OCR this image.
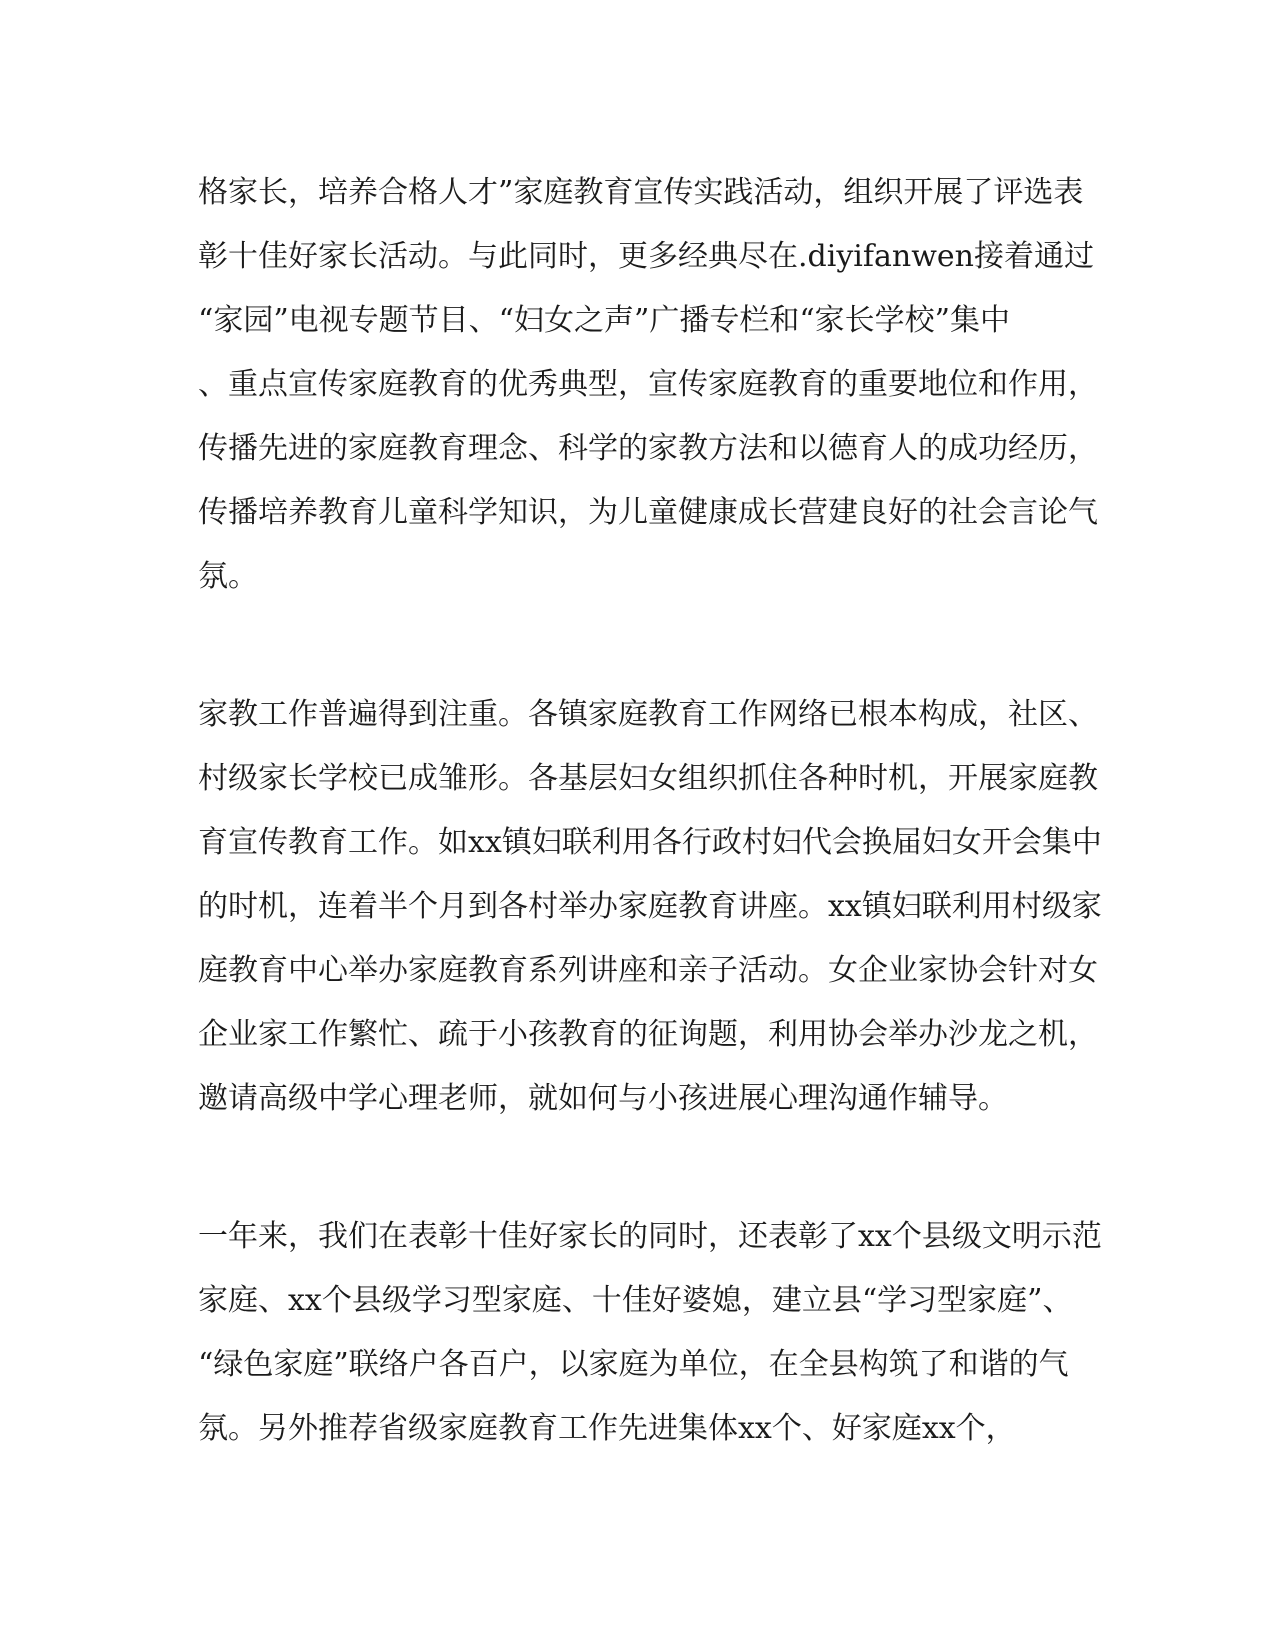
格家长，培养合格人才”家庭教育宣传实践活动，组织开展了评选表
彰十佳好家长活动。与此同时，更多经典尽在.diyifanwen接着通过
“家园”电视专题节目、“妇女之声”广播专栏和“家长学校”集中
、重点宣传家庭教育的优秀典型，宣传家庭教育的重要地位和作用，
传播先进的家庭教育理念、科学的家教方法和以德育人的成功经历，
传播培养教育儿童科学知识，为儿童健康成长营建良好的社会言论气
氛。
家教工作普遍得到注重。各镇家庭教育工作网络已根本构成，社区、
村级家长学校已成雏形。各基层妇女组织抓住各种时机，开展家庭教
育宣传教育工作。如xx镇妇联利用各行政村妇代会换届妇女开会集中
的时机，连着半个月到各村举办家庭教育讲座。xx镇妇联利用村级家
庭教育中心举办家庭教育系列讲座和亲子活动。女企业家协会针对女
企业家工作繁忙、疏于小孩教育的征询题，利用协会举办沙龙之机，
邀请高级中学心理老师，就如何与小孩进展心理沟通作辅导。
一年来，我们在表彰十佳好家长的同时，还表彰了xx个县级文明示范
家庭、xx个县级学习型家庭、十佳好婆媳，建立县“学习型家庭”、
“绿色家庭”联络户各百户，以家庭为单位，在全县构筑了和谐的气
氛。另外推荐省级家庭教育工作先进集体xx个、好家庭xx个，
